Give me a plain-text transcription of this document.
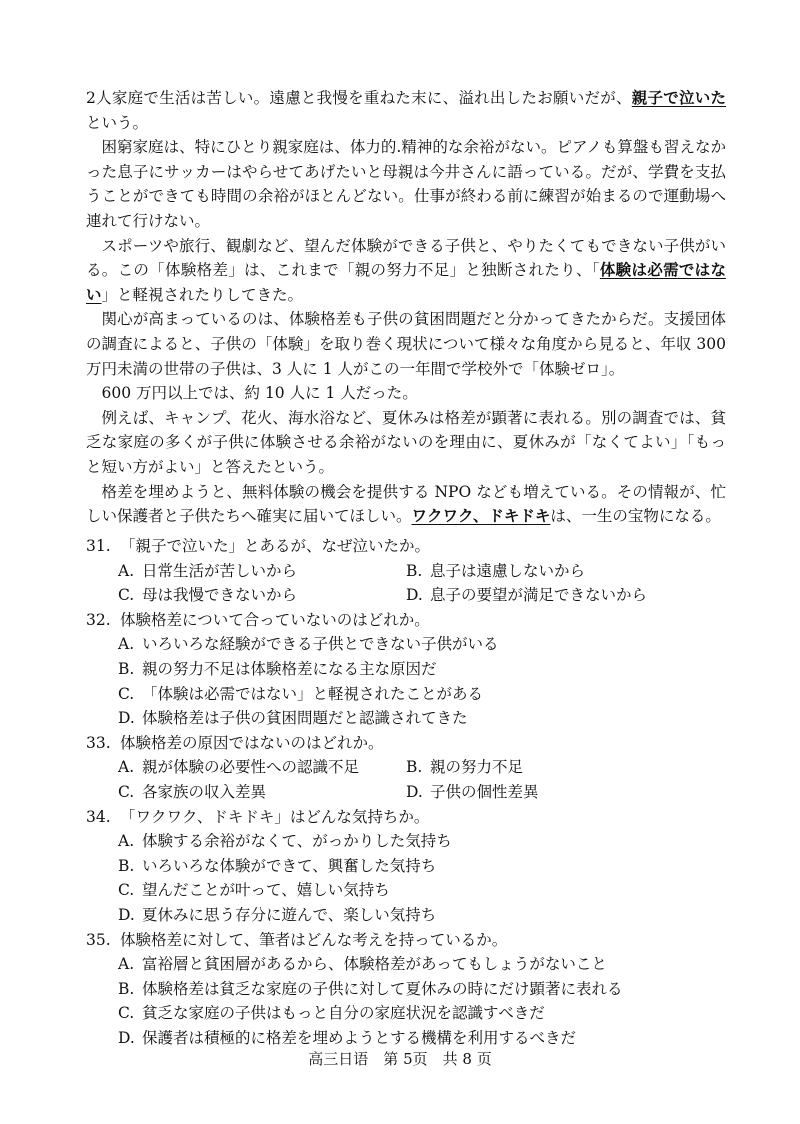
2人家庭で生活は苦しい。遠慮と我慢を重ねた末に、溢れ出したお願いだが、親子で泣いたという。

困窮家庭は、特にひとり親家庭は、体力的.精神的な余裕がない。ピアノも算盤も習えなかった息子にサッカーはやらせてあげたいと母親は今井さんに語っている。だが、学費を支払うことができても時間の余裕がほとんどない。仕事が終わる前に練習が始まるので運動場へ連れて行けない。

スポーツや旅行、観劇など、望んだ体験ができる子供と、やりたくてもできない子供がいる。この「体験格差」は、これまで「親の努力不足」と独断されたり、「体験は必需ではない」と軽視されたりしてきた。

関心が高まっているのは、体験格差も子供の貧困問題だと分かってきたからだ。支援団体の調査によると、子供の「体験」を取り巻く現状について様々な角度から見ると、年収 300 万円未満の世帯の子供は、3 人に 1 人がこの一年間で学校外で「体験ゼロ」。

600 万円以上では、約 10 人に 1 人だった。

例えば、キャンプ、花火、海水浴など、夏休みは格差が顕著に表れる。別の調査では、貧乏な家庭の多くが子供に体験させる余裕がないのを理由に、夏休みが「なくてよい」「もっと短い方がよい」と答えたという。

格差を埋めようと、無料体験の機会を提供する NPO なども増えている。その情報が、忙しい保護者と子供たちへ確実に届いてほしい。ワクワク、ドキドキは、一生の宝物になる。

31. 「親子で泣いた」とあるが、なぜ泣いたか。
A. 日常生活が苦しいから	B. 息子は遠慮しないから
C. 母は我慢できないから	D. 息子の要望が満足できないから
32. 体験格差について合っていないのはどれか。
A. いろいろな経験ができる子供とできない子供がいる
B. 親の努力不足は体験格差になる主な原因だ
C. 「体験は必需ではない」と軽視されたことがある
D. 体験格差は子供の貧困問題だと認識されてきた
33. 体験格差の原因ではないのはどれか。
A. 親が体験の必要性への認識不足	B. 親の努力不足
C. 各家族の収入差異	D. 子供の個性差異
34. 「ワクワク、ドキドキ」はどんな気持ちか。
A. 体験する余裕がなくて、がっかりした気持ち
B. いろいろな体験ができて、興奮した気持ち
C. 望んだことが叶って、嬉しい気持ち
D. 夏休みに思う存分に遊んで、楽しい気持ち
35. 体験格差に対して、筆者はどんな考えを持っているか。
A. 富裕層と貧困層があるから、体験格差があってもしょうがないこと
B. 体験格差は貧乏な家庭の子供に対して夏休みの時にだけ顕著に表れる
C. 貧乏な家庭の子供はもっと自分の家庭状況を認識すべきだ
D. 保護者は積極的に格差を埋めようとする機構を利用するべきだ
高三日语　第 5页　共 8 页
